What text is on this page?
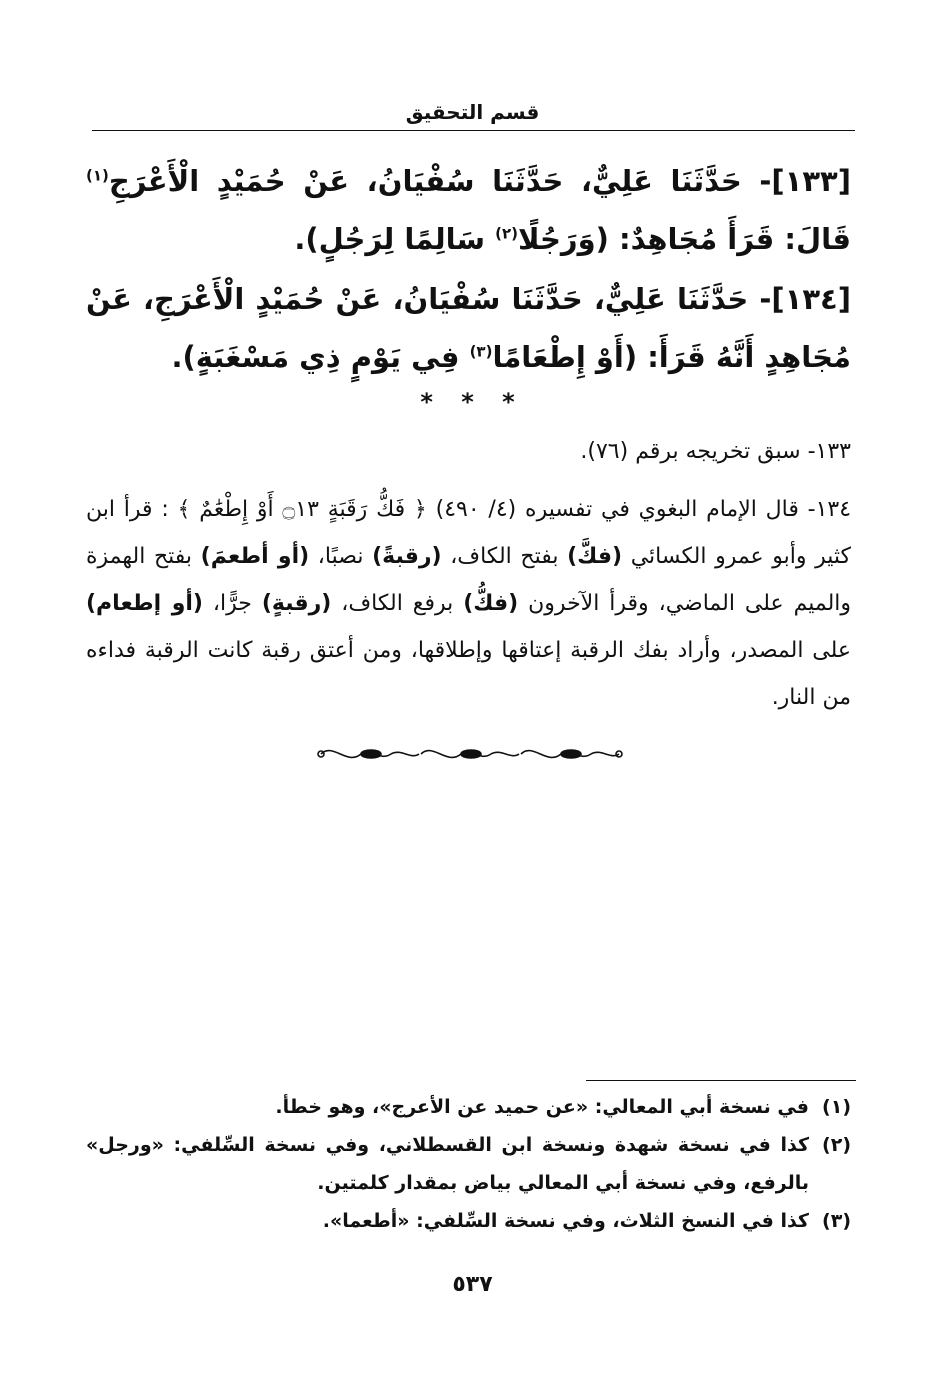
قسم التحقيق
[١٣٣]- حَدَّثَنَا عَلِيٌّ، حَدَّثَنَا سُفْيَانُ، عَنْ حُمَيْدٍ الْأَعْرَجِ$^{(١)}$ قَالَ: قَرَأَ مُجَاهِدٌ: (وَرَجُلًا$^{(٢)}$ سَالِمًا لِرَجُلٍ).
[١٣٤]- حَدَّثَنَا عَلِيٌّ، حَدَّثَنَا سُفْيَانُ، عَنْ حُمَيْدٍ الْأَعْرَجِ، عَنْ مُجَاهِدٍ أَنَّهُ قَرَأَ: (أَوْ إِطْعَامًا$^{(٣)}$ فِي يَوْمٍ ذِي مَسْغَبَةٍ).
* * *
١٣٣- سبق تخريجه برقم (٧٦).
١٣٤- قال الإمام البغوي في تفسيره (٤/ ٤٩٠) ﴿ فَكُّ رَقَبَةٍ ۝١٣ أَوْ إِطْعَٰمٌ ﴾ : قرأ ابن كثير وأبو عمرو الكسائي (فكَّ) بفتح الكاف، (رقبةً) نصبًا، (أو أطعمَ) بفتح الهمزة والميم على الماضي، وقرأ الآخرون (فكُّ) برفع الكاف، (رقبةٍ) جرًّا، (أو إطعام) على المصدر، وأراد بفك الرقبة إعتاقها وإطلاقها، ومن أعتق رقبة كانت الرقبة فداءه من النار.
(١)
في نسخة أبي المعالي: «عن حميد عن الأعرج»، وهو خطأ.
(٢)
كذا في نسخة شهدة ونسخة ابن القسطلاني، وفي نسخة السِّلفي: «ورجل» بالرفع، وفي نسخة أبي المعالي بياض بمقدار كلمتين.
(٣)
كذا في النسخ الثلاث، وفي نسخة السِّلفي: «أطعما».
٥٣٧
